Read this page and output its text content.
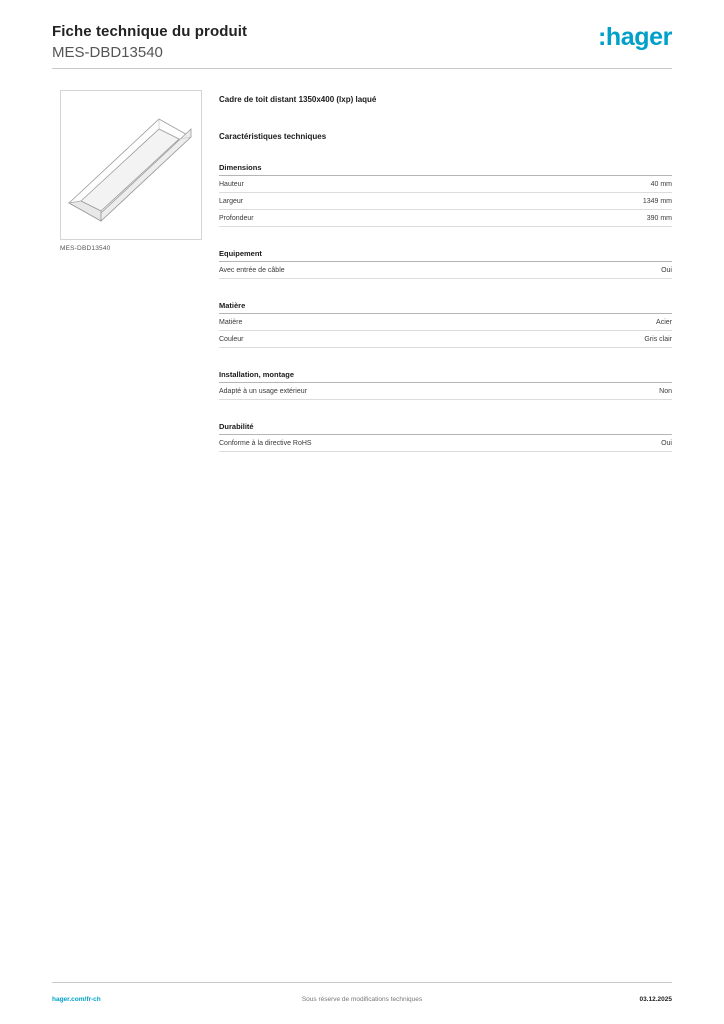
Fiche technique du produit
MES-DBD13540
:hager
MES-DBD13540
Cadre de toit distant 1350x400 (lxp) laqué
Caractéristiques techniques
Dimensions
Hauteur	40 mm
Largeur	1349 mm
Profondeur	390 mm
Equipement
Avec entrée de câble	Oui
Matière
Matière	Acier
Couleur	Gris clair
Installation, montage
Adapté à un usage extérieur	Non
Durabilité
Conforme à la directive RoHS	Oui
hager.com/fr-ch	Sous réserve de modifications techniques	03.12.2025
